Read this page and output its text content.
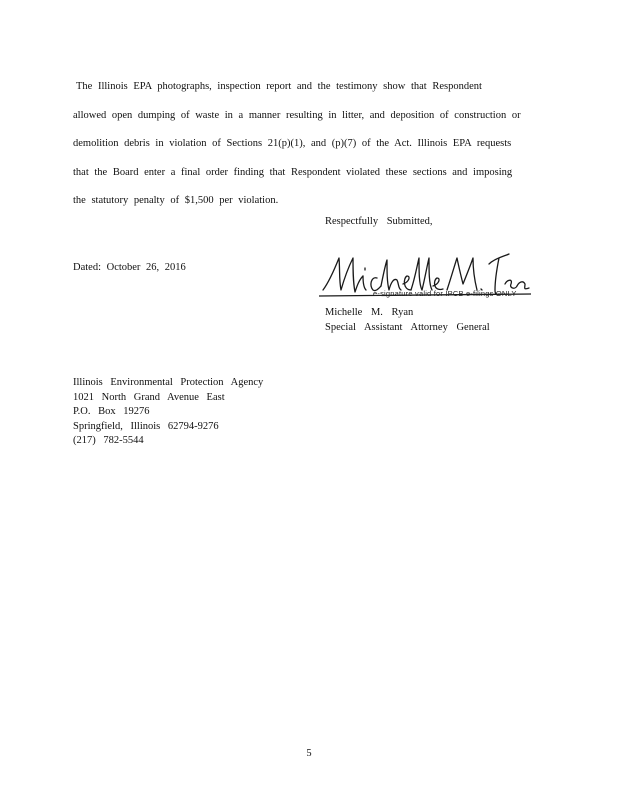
The Illinois EPA photographs, inspection report and the testimony show that Respondent
allowed open dumping of waste in a manner resulting in litter, and deposition of construction or
demolition debris in violation of Sections 21(p)(1), and (p)(7) of the Act. Illinois EPA requests
that the Board enter a final order finding that Respondent violated these sections and imposing
the statutory penalty of $1,500 per violation.
Respectfully Submitted,
e-signature valid for IPCB e-filings ONLY
Michelle M. Ryan
Special Assistant Attorney General
Dated: October 26, 2016
Illinois Environmental Protection Agency
1021 North Grand Avenue East
P.O. Box 19276
Springfield, Illinois 62794-9276
(217) 782-5544
5
